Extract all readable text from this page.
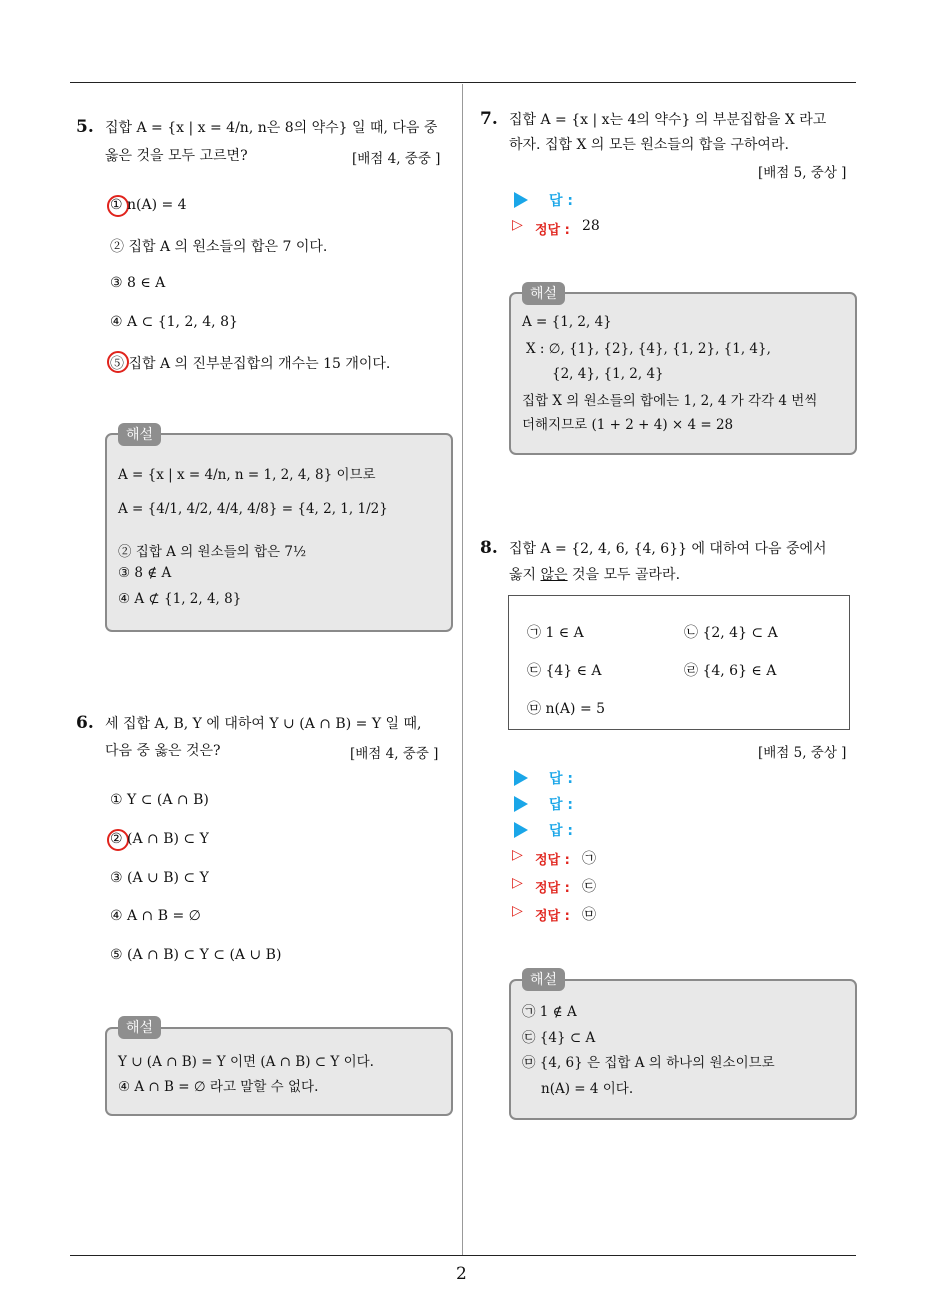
2
5. 집합 A = {x | x = 4/n, n은 8의 약수} 일 때, 다음 중
옳은 것을 모두 고르면?	[배점 4, 중중 ]
① n(A) = 4
② 집합 A 의 원소들의 합은 7 이다.
③ 8 ∈ A
④ A ⊂ {1, 2, 4, 8}
⑤ 집합 A 의 진부분집합의 개수는 15 개이다.
해설
A = {x | x = 4/n, n = 1, 2, 4, 8} 이므로
A = {4/1, 4/2, 4/4, 4/8} = {4, 2, 1, 1/2}
② 집합 A 의 원소들의 합은 7½
③ 8 ∉ A
④ A ⊄ {1, 2, 4, 8}
6. 세 집합 A, B, Y 에 대하여 Y ∪ (A ∩ B) = Y 일 때,
다음 중 옳은 것은?	[배점 4, 중중 ]
① Y ⊂ (A ∩ B)
② (A ∩ B) ⊂ Y
③ (A ∪ B) ⊂ Y
④ A ∩ B = ∅
⑤ (A ∩ B) ⊂ Y ⊂ (A ∪ B)
해설
Y ∪ (A ∩ B) = Y 이면 (A ∩ B) ⊂ Y 이다.
④ A ∩ B = ∅ 라고 말할 수 없다.
7. 집합 A = {x | x는 4의 약수} 의 부분집합을 X 라고
하자. 집합 X 의 모든 원소들의 합을 구하여라.
[배점 5, 중상 ]
답 :
▷ 정답 : 28
해설
A = {1, 2, 4}
X : ∅, {1}, {2}, {4}, {1, 2}, {1, 4},
{2, 4}, {1, 2, 4}
집합 X 의 원소들의 합에는 1, 2, 4 가 각각 4 번씩
더해지므로 (1 + 2 + 4) × 4 = 28
8. 집합 A = {2, 4, 6, {4, 6}} 에 대하여 다음 중에서
옳지 않은 것을 모두 골라라.
㉠ 1 ∈ A	㉡ {2, 4} ⊂ A
㉢ {4} ∈ A	㉣ {4, 6} ∈ A
㉤ n(A) = 5
[배점 5, 중상 ]
답 :
답 :
답 :
▷ 정답 : ㉠
▷ 정답 : ㉢
▷ 정답 : ㉤
해설
㉠ 1 ∉ A
㉢ {4} ⊂ A
㉤ {4, 6} 은 집합 A 의 하나의 원소이므로
n(A) = 4 이다.
